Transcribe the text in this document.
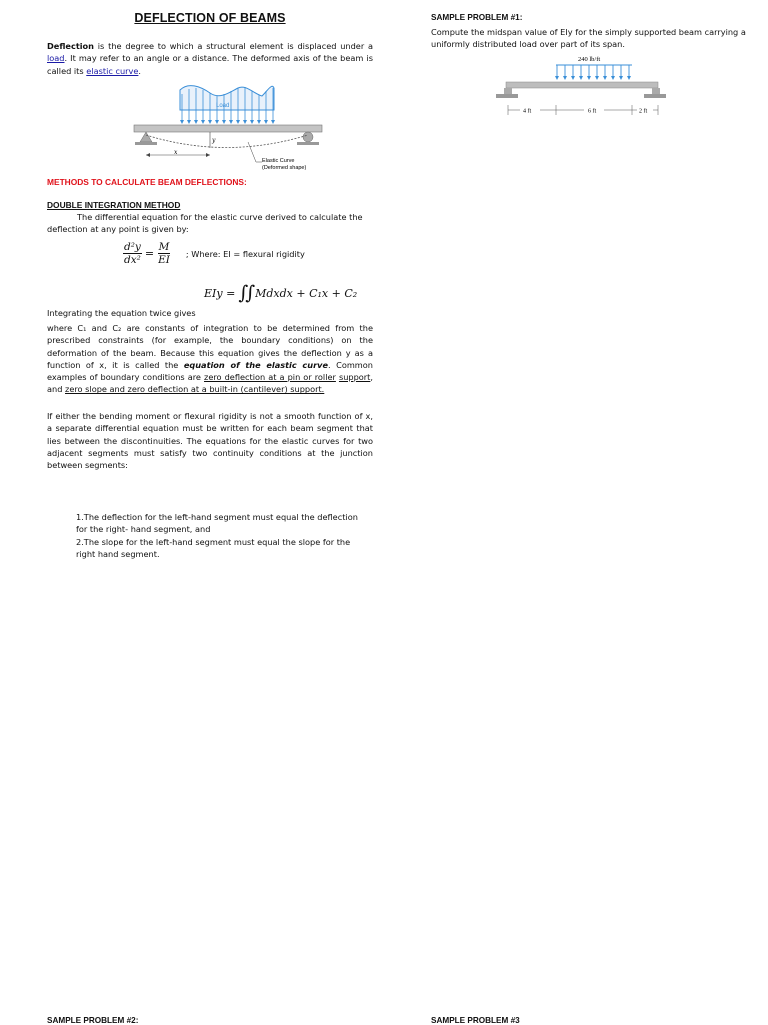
DEFLECTION OF BEAMS

Deflection is the degree to which a structural element is displaced under a load. It may refer to an angle or a distance. The deformed axis of the beam is called its elastic curve.

Load
y
x
Elastic Curve
(Deformed shape)
METHODS TO CALCULATE BEAM DEFLECTIONS:
DOUBLE INTEGRATION METHOD

The differential equation for the elastic curve derived to calculate the deflection at any point is given by:

$\frac{\text{d²y}}{\text{dx²}} = \frac{M}{EI}$ ; Where: EI = flexural rigidity
EIy = ∫∫ Mdxdx + C₁x + C₂

Integrating the equation twice gives

where C₁ and C₂ are constants of integration to be determined from the prescribed constraints (for example, the boundary conditions) on the deformation of the beam. Because this equation gives the deflection y as a function of x, it is called the equation of the elastic curve. Common examples of boundary conditions are zero deflection at a pin or roller support, and zero slope and zero deflection at a built-in (cantilever) support.

If either the bending moment or flexural rigidity is not a smooth function of x, a separate differential equation must be written for each beam segment that lies between the discontinuities. The equations for the elastic curves for two adjacent segments must satisfy two continuity conditions at the junction between segments:

1.The deflection for the left-hand segment must equal the deflection for the right- hand segment, and

2.The slope for the left-hand segment must equal the slope for the right hand segment.

SAMPLE PROBLEM #2:
SAMPLE PROBLEM #1:

Compute the midspan value of EIy for the simply supported beam carrying a uniformly distributed load over part of its span.

240 lb/ft
4 ft	6 ft	2 ft
SAMPLE PROBLEM #3
